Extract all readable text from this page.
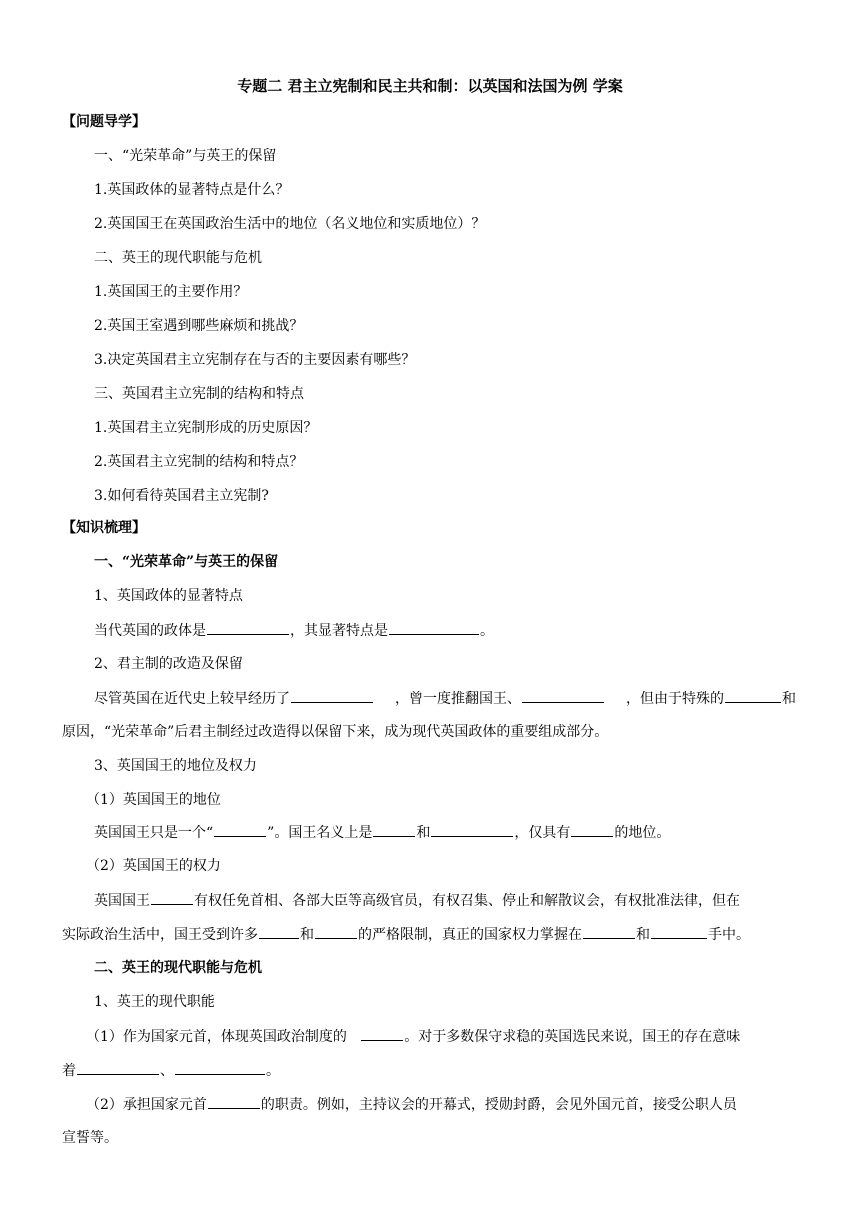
专题二 君主立宪制和民主共和制：以英国和法国为例 学案
【问题导学】
一、“光荣革命”与英王的保留
1.英国政体的显著特点是什么？
2.英国国王在英国政治生活中的地位（名义地位和实质地位）？
二、英王的现代职能与危机
1.英国国王的主要作用？
2.英国王室遇到哪些麻烦和挑战？
3.决定英国君主立宪制存在与否的主要因素有哪些？
三、英国君主立宪制的结构和特点
1.英国君主立宪制形成的历史原因？
2.英国君主立宪制的结构和特点？
3.如何看待英国君主立宪制?
【知识梳理】
一、“光荣革命”与英王的保留
1、英国政体的显著特点
当代英国的政体是	，其显著特点是	。
2、君主制的改造及保留
尽管英国在近代史上较早经历了	，曾一度推翻国王、	，但由于特殊的	和
原因，“光荣革命”后君主制经过改造得以保留下来，成为现代英国政体的重要组成部分。
3、英国国王的地位及权力
（1）英国国王的地位
英国国王只是一个“	”。国王名义上是	和	，仅具有	的地位。
（2）英国国王的权力
英国国王	有权任免首相、各部大臣等高级官员，有权召集、停止和解散议会，有权批准法律，但在
实际政治生活中，国王受到许多	和	的严格限制，真正的国家权力掌握在	和	手中。
二、英王的现代职能与危机
1、英王的现代职能
（1）作为国家元首，体现英国政治制度的	。对于多数保守求稳的英国选民来说，国王的存在意味
着	、	。
（2）承担国家元首	的职责。例如，主持议会的开幕式，授勋封爵，会见外国元首，接受公职人员
宣誓等。
